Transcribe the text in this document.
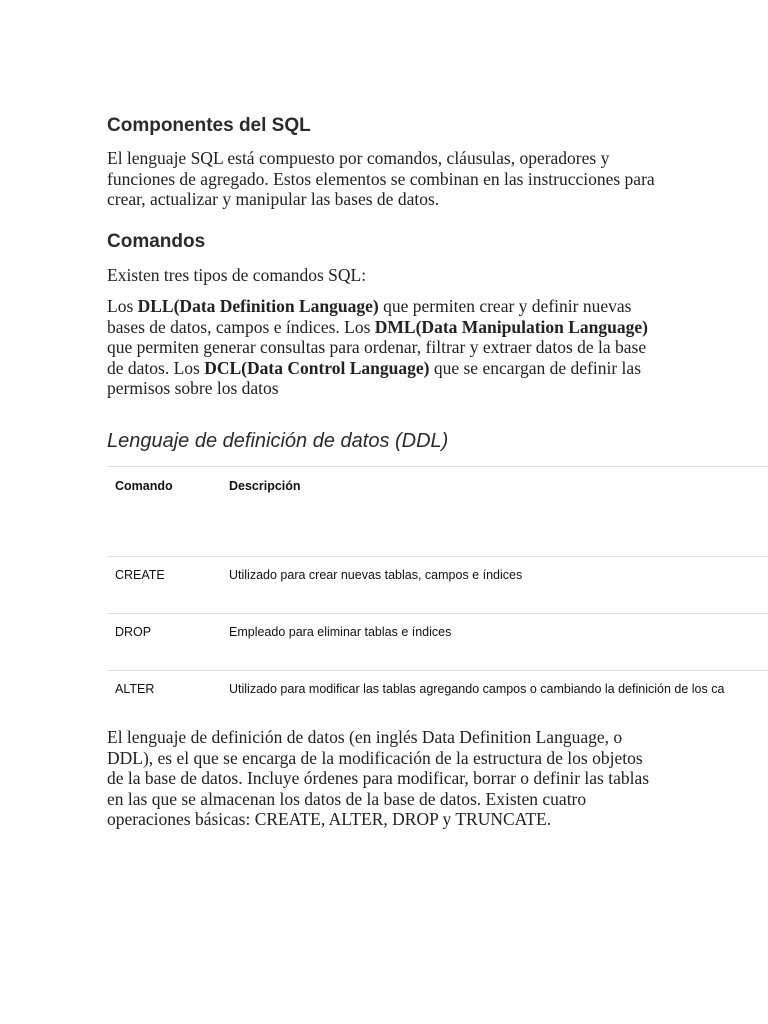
Componentes del SQL

El lenguaje SQL está compuesto por comandos, cláusulas, operadores y funciones de agregado. Estos elementos se combinan en las instrucciones para crear, actualizar y manipular las bases de datos.

Comandos

Existen tres tipos de comandos SQL:

Los DLL(Data Definition Language) que permiten crear y definir nuevas bases de datos, campos e índices. Los DML(Data Manipulation Language) que permiten generar consultas para ordenar, filtrar y extraer datos de la base de datos. Los DCL(Data Control Language) que se encargan de definir las permisos sobre los datos

Lenguaje de definición de datos (DDL)
Comando	Descripción
CREATE	Utilizado para crear nuevas tablas, campos e índices
DROP	Empleado para eliminar tablas e índices
ALTER	Utilizado para modificar las tablas agregando campos o cambiando la definición de los ca

El lenguaje de definición de datos (en inglés Data Definition Language, o DDL), es el que se encarga de la modificación de la estructura de los objetos de la base de datos. Incluye órdenes para modificar, borrar o definir las tablas en las que se almacenan los datos de la base de datos. Existen cuatro operaciones básicas: CREATE, ALTER, DROP y TRUNCATE.
